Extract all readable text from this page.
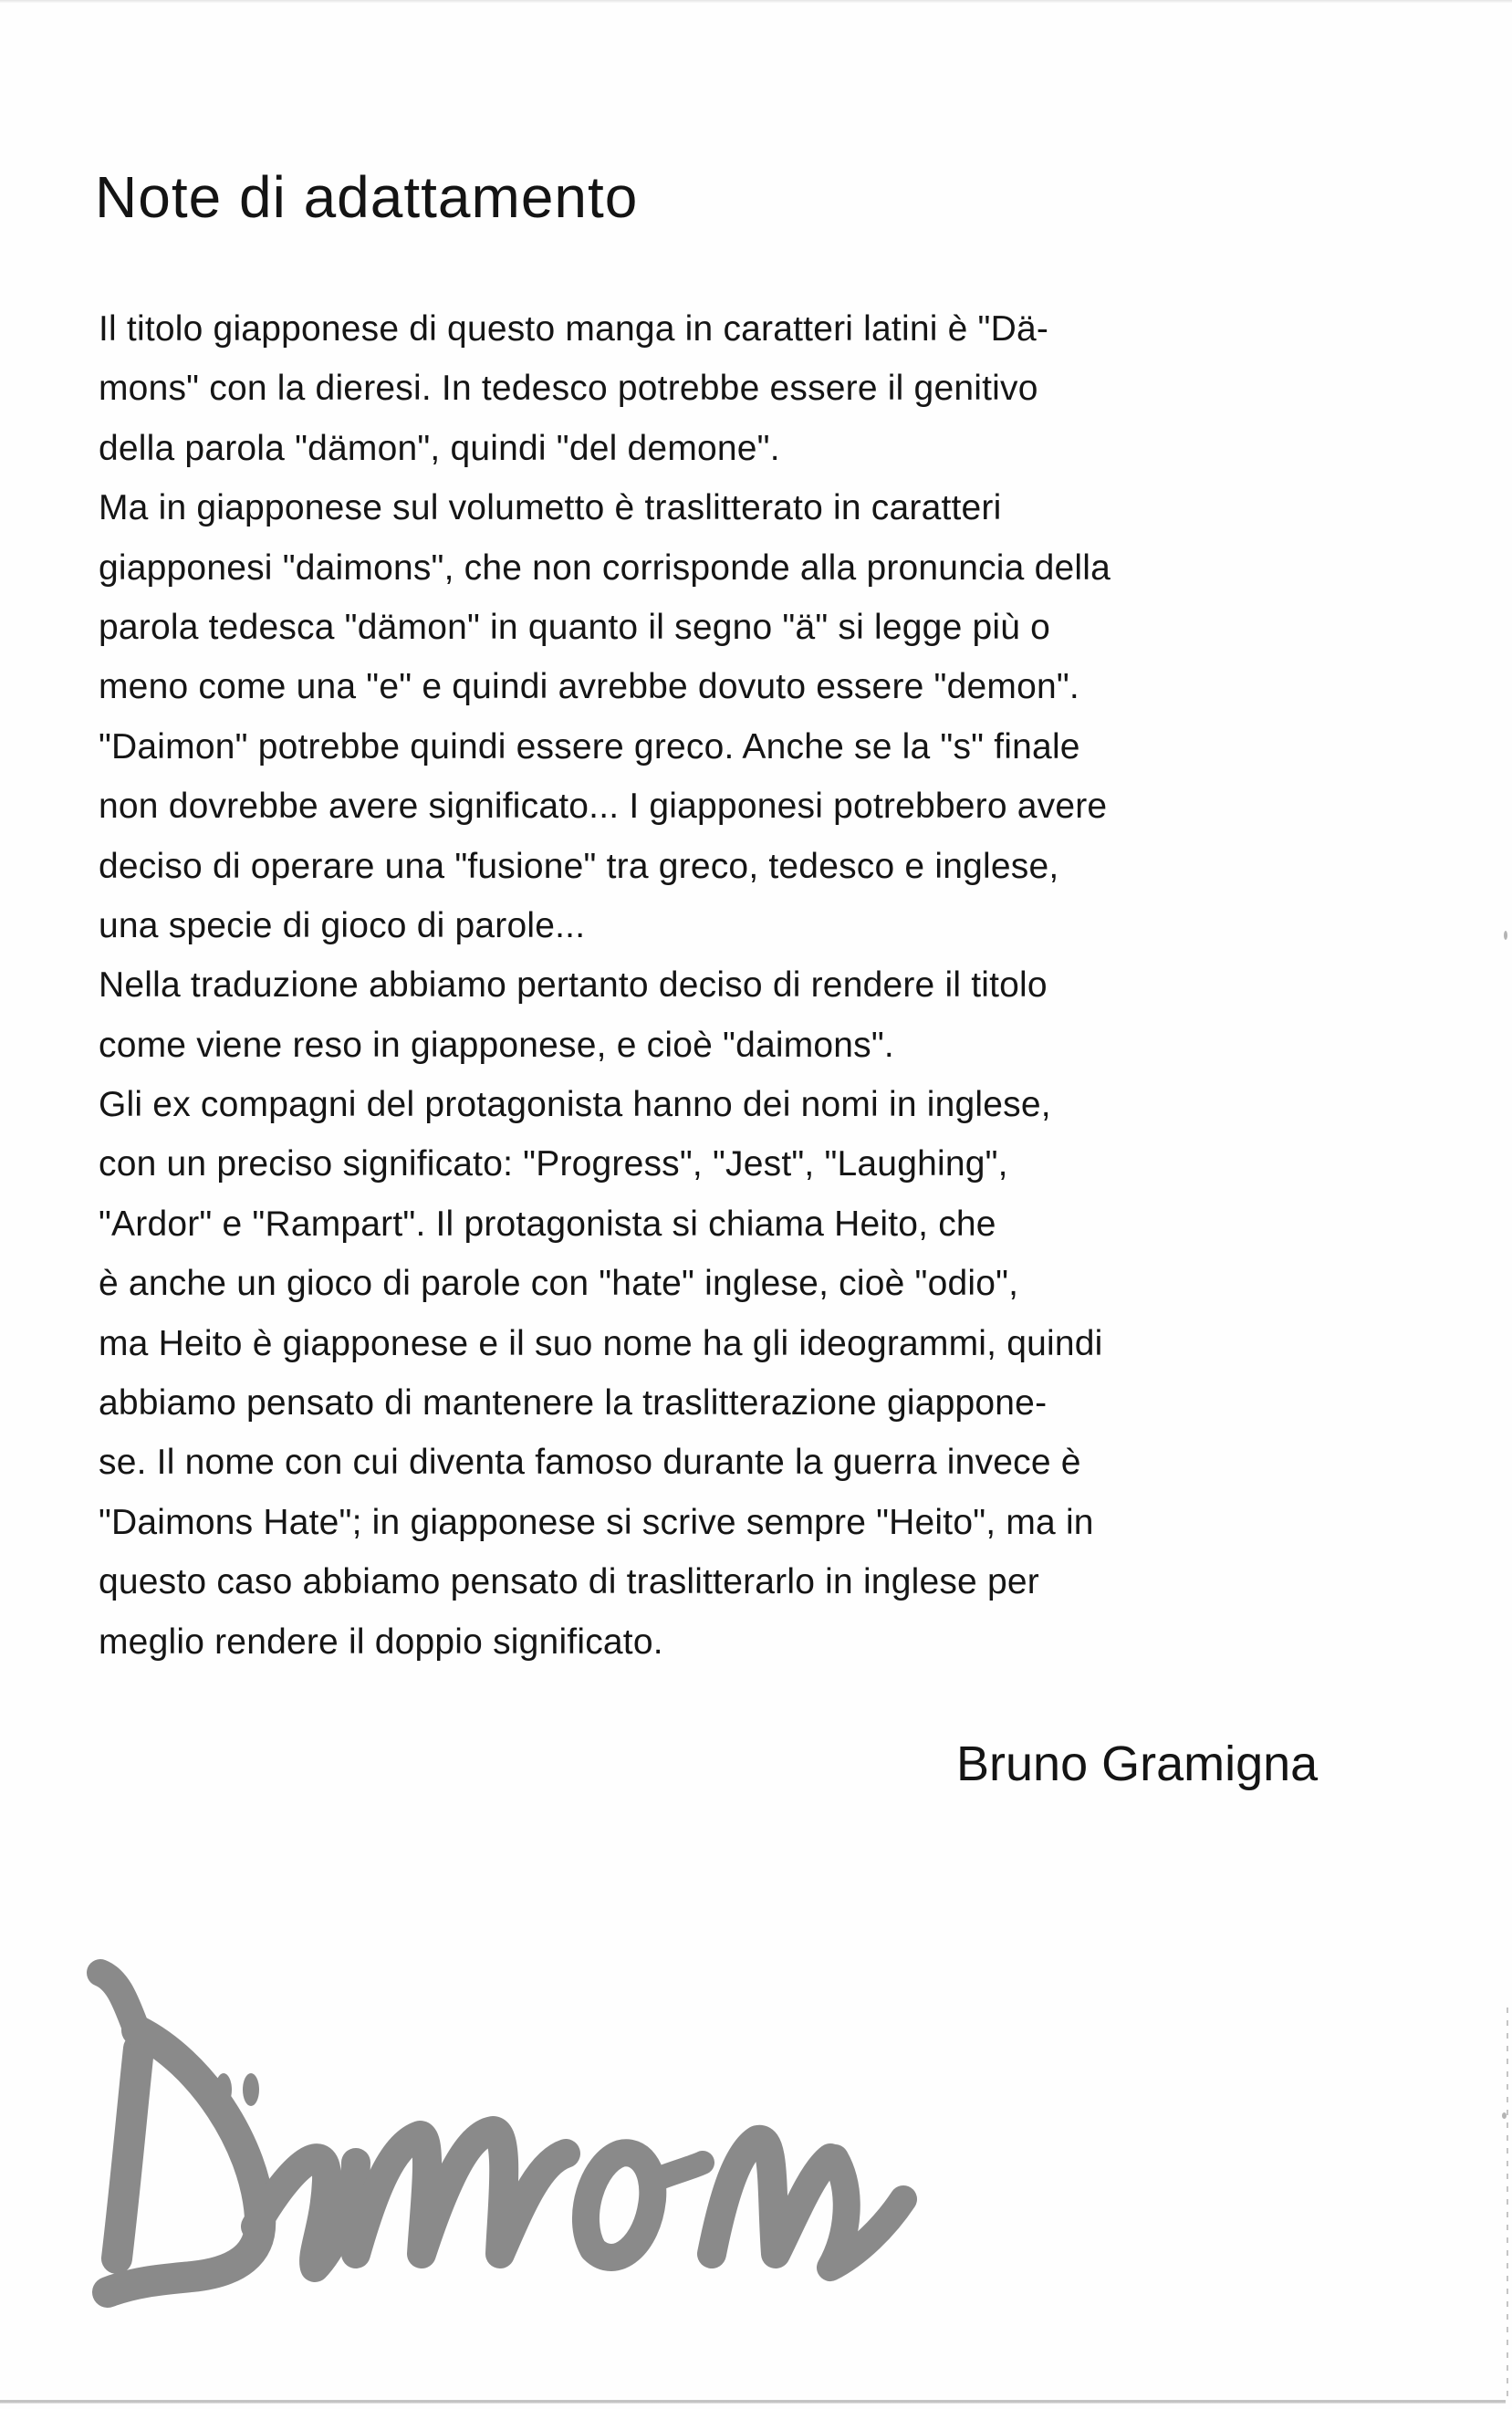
Note di adattamento
Il titolo giapponese di questo manga in caratteri latini è "Dä-
mons" con la dieresi. In tedesco potrebbe essere il genitivo
della parola "dämon", quindi "del demone".
Ma in giapponese sul volumetto è traslitterato in caratteri
giapponesi "daimons", che non corrisponde alla pronuncia della
parola tedesca "dämon" in quanto il segno "ä" si legge più o
meno come una "e" e quindi avrebbe dovuto essere "demon".
"Daimon" potrebbe quindi essere greco. Anche se la "s" finale
non dovrebbe avere significato... I giapponesi potrebbero avere
deciso di operare una "fusione" tra greco, tedesco e inglese,
una specie di gioco di parole...
Nella traduzione abbiamo pertanto deciso di rendere il titolo
come viene reso in giapponese, e cioè "daimons".
Gli ex compagni del protagonista hanno dei nomi in inglese,
con un preciso significato: "Progress", "Jest", "Laughing",
"Ardor" e "Rampart". Il protagonista si chiama Heito, che
è anche un gioco di parole con "hate" inglese, cioè "odio",
ma Heito è giapponese e il suo nome ha gli ideogrammi, quindi
abbiamo pensato di mantenere la traslitterazione giappone-
se. Il nome con cui diventa famoso durante la guerra invece è
"Daimons Hate"; in giapponese si scrive sempre "Heito", ma in
questo caso abbiamo pensato di traslitterarlo in inglese per
meglio rendere il doppio significato.

Bruno Gramigna
